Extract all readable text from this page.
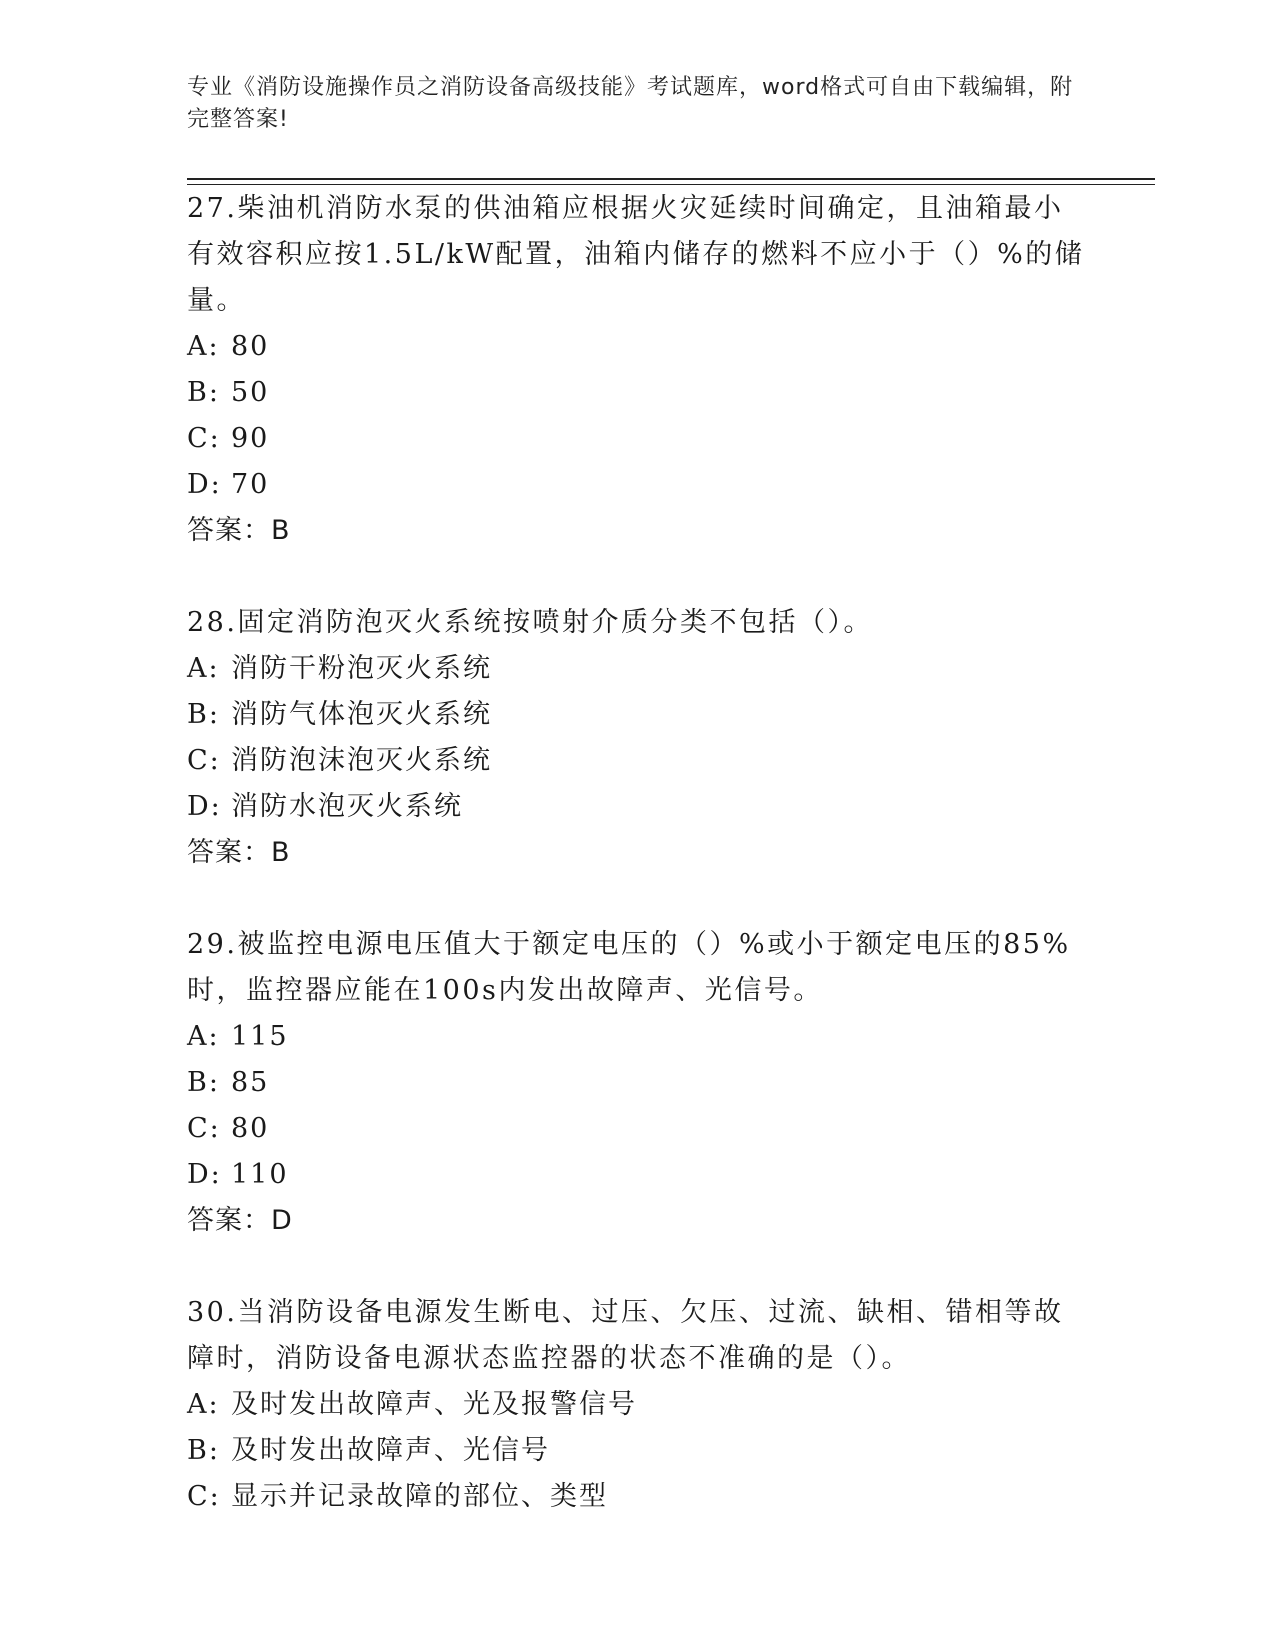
专业《消防设施操作员之消防设备高级技能》考试题库，word格式可自由下载编辑，附完整答案!

27.柴油机消防水泵的供油箱应根据火灾延续时间确定，且油箱最小有效容积应按1.5L/kW配置，油箱内储存的燃料不应小于（）%的储量。

A: 80

B: 50

C: 90

D: 70

答案：B

28.固定消防泡灭火系统按喷射介质分类不包括（）。

A: 消防干粉泡灭火系统

B: 消防气体泡灭火系统

C: 消防泡沫泡灭火系统

D: 消防水泡灭火系统

答案：B

29.被监控电源电压值大于额定电压的（）%或小于额定电压的85%时，监控器应能在100s内发出故障声、光信号。

A: 115

B: 85

C: 80

D: 110

答案：D

30.当消防设备电源发生断电、过压、欠压、过流、缺相、错相等故障时，消防设备电源状态监控器的状态不准确的是（）。

A: 及时发出故障声、光及报警信号

B: 及时发出故障声、光信号

C: 显示并记录故障的部位、类型
